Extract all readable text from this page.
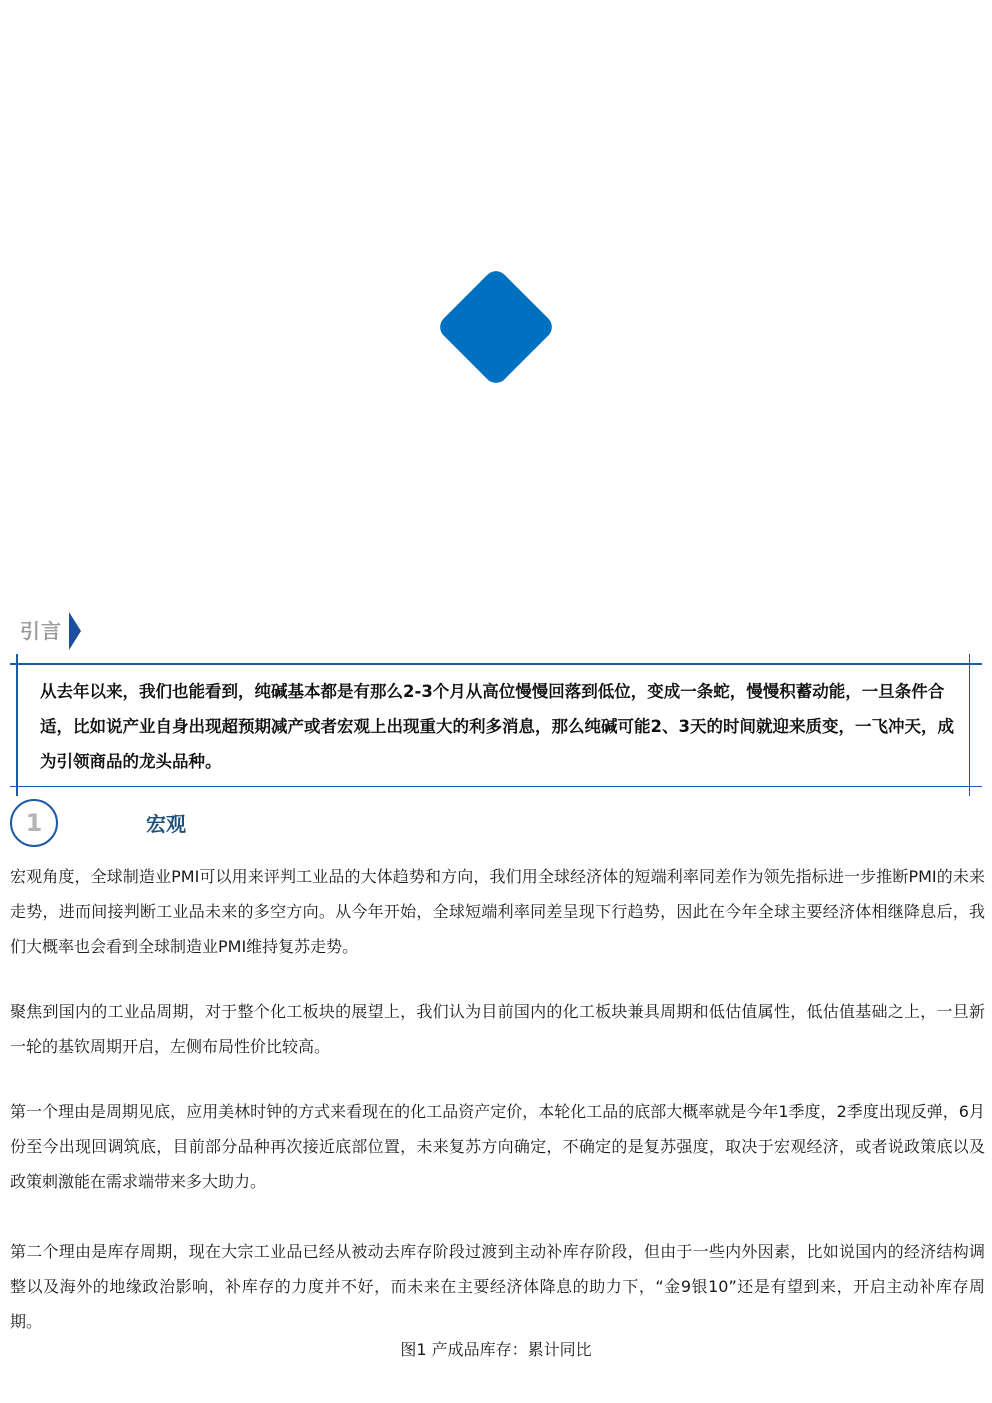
引言

从去年以来，我们也能看到，纯碱基本都是有那么2-3个月从高位慢慢回落到低位，变成一条蛇，慢慢积蓄动能，一旦条件合适，比如说产业自身出现超预期减产或者宏观上出现重大的利多消息，那么纯碱可能2、3天的时间就迎来质变，一飞冲天，成为引领商品的龙头品种。

1	宏观

宏观角度，全球制造业PMI可以用来评判工业品的大体趋势和方向，我们用全球经济体的短端利率同差作为领先指标进一步推断PMI的未来走势，进而间接判断工业品未来的多空方向。从今年开始，全球短端利率同差呈现下行趋势，因此在今年全球主要经济体相继降息后，我们大概率也会看到全球制造业PMI维持复苏走势。

聚焦到国内的工业品周期，对于整个化工板块的展望上，我们认为目前国内的化工板块兼具周期和低估值属性，低估值基础之上，一旦新一轮的基钦周期开启，左侧布局性价比较高。

第一个理由是周期见底，应用美林时钟的方式来看现在的化工品资产定价，本轮化工品的底部大概率就是今年1季度，2季度出现反弹，6月份至今出现回调筑底，目前部分品种再次接近底部位置，未来复苏方向确定，不确定的是复苏强度，取决于宏观经济，或者说政策底以及政策刺激能在需求端带来多大助力。

第二个理由是库存周期，现在大宗工业品已经从被动去库存阶段过渡到主动补库存阶段，但由于一些内外因素，比如说国内的经济结构调整以及海外的地缘政治影响，补库存的力度并不好，而未来在主要经济体降息的助力下，“金9银10”还是有望到来，开启主动补库存周期。

图1 产成品库存：累计同比
